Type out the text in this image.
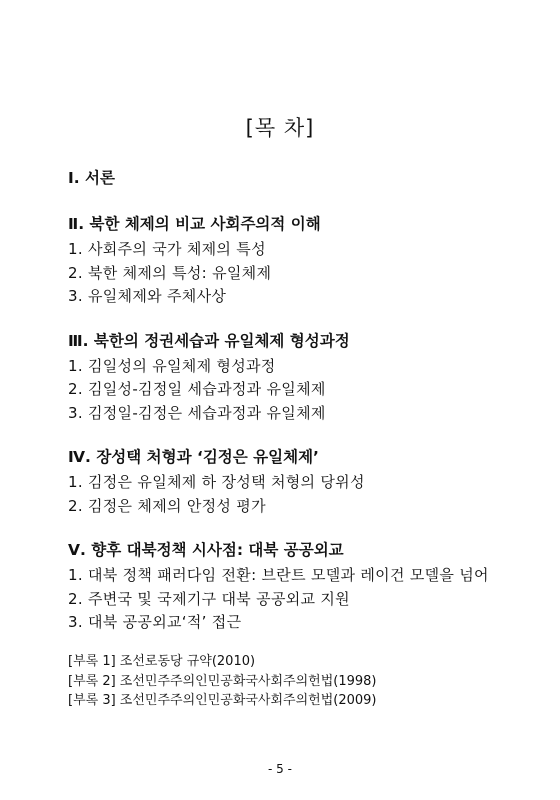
[목 차]
Ⅰ. 서론
Ⅱ. 북한 체제의 비교 사회주의적 이해
1. 사회주의 국가 체제의 특성
2. 북한 체제의 특성: 유일체제
3. 유일체제와 주체사상
Ⅲ. 북한의 정권세습과 유일체제 형성과정
1. 김일성의 유일체제 형성과정
2. 김일성-김정일 세습과정과 유일체제
3. 김정일-김정은 세습과정과 유일체제
Ⅳ. 장성택 처형과 ‘김정은 유일체제’
1. 김정은 유일체제 하 장성택 처형의 당위성
2. 김정은 체제의 안정성 평가
Ⅴ. 향후 대북정책 시사점: 대북 공공외교
1. 대북 정책 패러다임 전환: 브란트 모델과 레이건 모델을 넘어
2. 주변국 및 국제기구 대북 공공외교 지원
3. 대북 공공외교‘적’ 접근
[부록 1] 조선로동당 규약(2010)
[부록 2] 조선민주주의인민공화국사회주의헌법(1998)
[부록 3] 조선민주주의인민공화국사회주의헌법(2009)
- 5 -
